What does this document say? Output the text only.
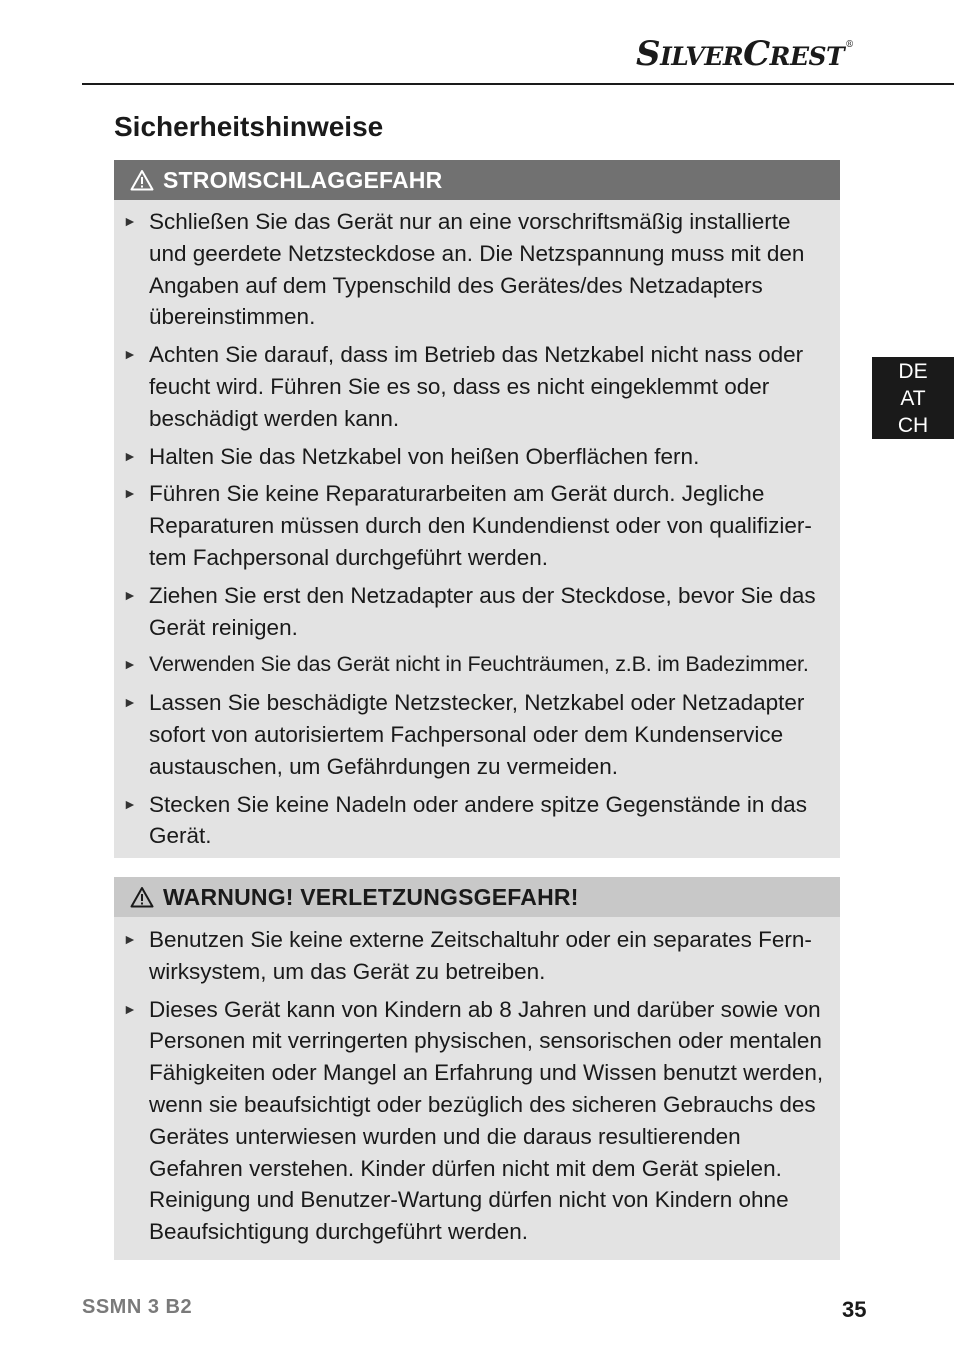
SILVERCREST®
Sicherheitshinweise
DE
AT
CH
STROMSCHLAGGEFAHR
► Schließen Sie das Gerät nur an eine vorschriftsmäßig installierte und geerdete Netzsteckdose an. Die Netzspannung muss mit den Angaben auf dem Typenschild des Gerätes/des Netzadapters übereinstimmen.
► Achten Sie darauf, dass im Betrieb das Netzkabel nicht nass oder feucht wird. Führen Sie es so, dass es nicht eingeklemmt oder beschädigt werden kann.
► Halten Sie das Netzkabel von heißen Oberflächen fern.
► Führen Sie keine Reparaturarbeiten am Gerät durch. Jegliche Reparaturen müssen durch den Kundendienst oder von qualifizier-tem Fachpersonal durchgeführt werden.
► Ziehen Sie erst den Netzadapter aus der Steckdose, bevor Sie das Gerät reinigen.
► Verwenden Sie das Gerät nicht in Feuchträumen, z.B. im Badezimmer.
► Lassen Sie beschädigte Netzstecker, Netzkabel oder Netzadapter sofort von autorisiertem Fachpersonal oder dem Kundenservice austauschen, um Gefährdungen zu vermeiden.
► Stecken Sie keine Nadeln oder andere spitze Gegenstände in das Gerät.
WARNUNG! VERLETZUNGSGEFAHR!
► Benutzen Sie keine externe Zeitschaltuhr oder ein separates Fern-wirksystem, um das Gerät zu betreiben.
► Dieses Gerät kann von Kindern ab 8 Jahren und darüber sowie von Personen mit verringerten physischen, sensorischen oder mentalen Fähigkeiten oder Mangel an Erfahrung und Wissen benutzt werden, wenn sie beaufsichtigt oder bezüglich des sicheren Gebrauchs des Gerätes unterwiesen wurden und die daraus resultierenden Gefahren verstehen. Kinder dürfen nicht mit dem Gerät spielen. Reinigung und Benutzer-Wartung dürfen nicht von Kindern ohne Beaufsichtigung durchgeführt werden.
SSMN 3 B2	35
